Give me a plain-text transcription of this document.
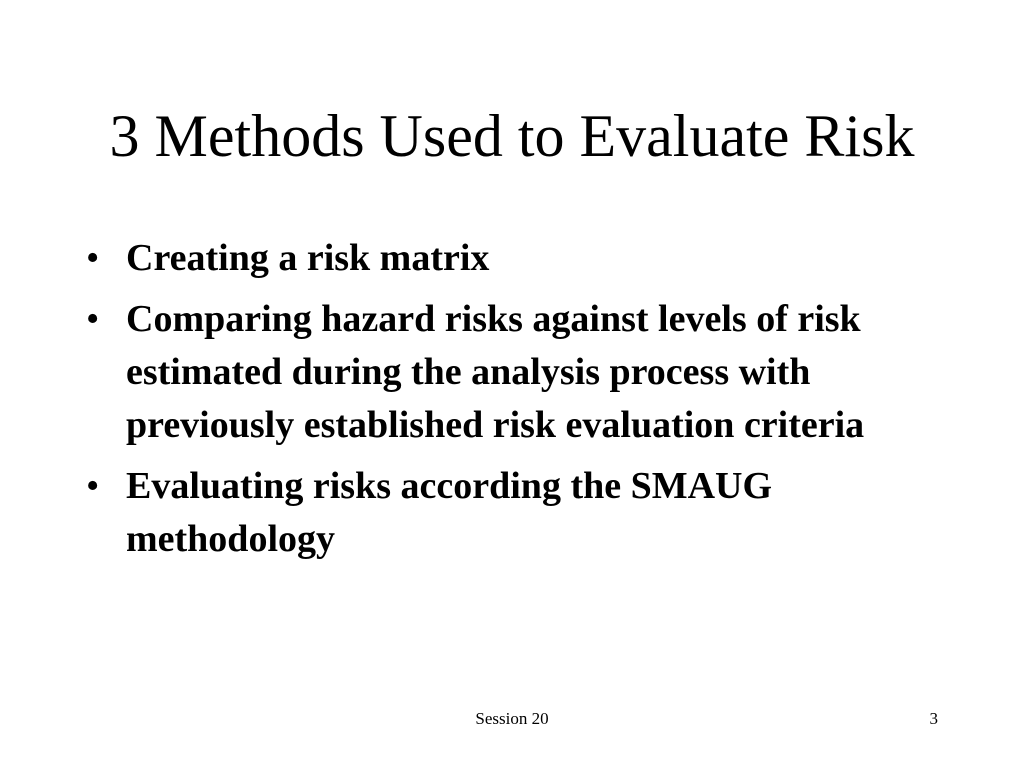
3 Methods Used to Evaluate Risk
• Creating a risk matrix
• Comparing hazard risks against levels of risk estimated during the analysis process with previously established risk evaluation criteria
• Evaluating risks according the SMAUG methodology
Session 20	3
